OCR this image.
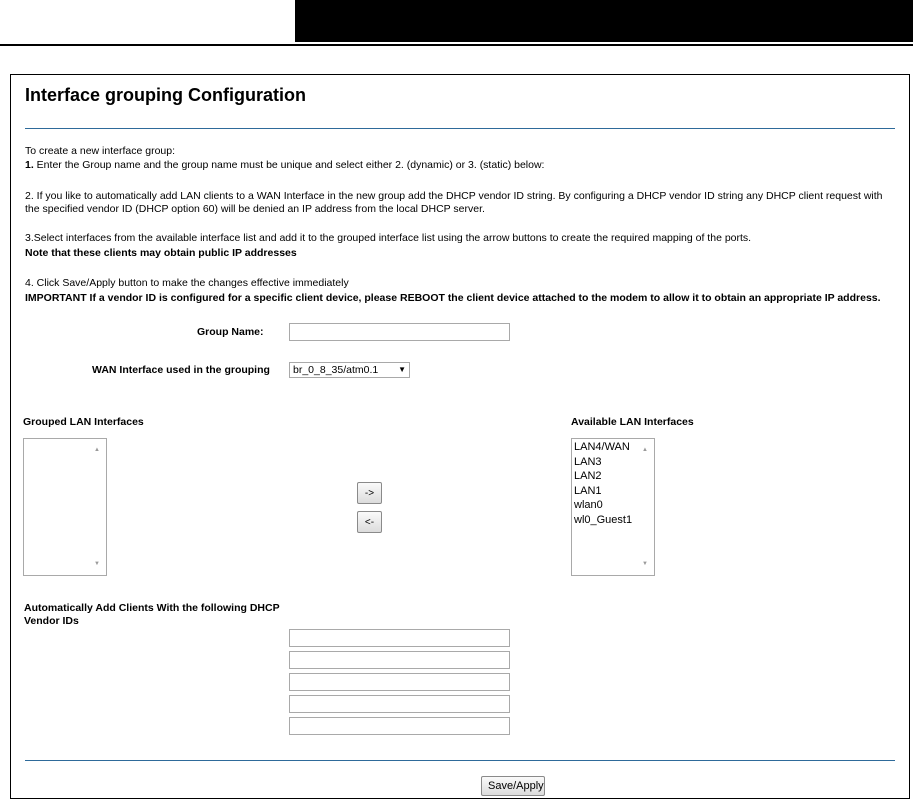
Interface grouping Configuration
To create a new interface group:
1. Enter the Group name and the group name must be unique and select either 2. (dynamic) or 3. (static) below:
2. If you like to automatically add LAN clients to a WAN Interface in the new group add the DHCP vendor ID string. By configuring a DHCP vendor ID string any DHCP client request with the specified vendor ID (DHCP option 60) will be denied an IP address from the local DHCP server.
3.Select interfaces from the available interface list and add it to the grouped interface list using the arrow buttons to create the required mapping of the ports.
Note that these clients may obtain public IP addresses
4. Click Save/Apply button to make the changes effective immediately
IMPORTANT If a vendor ID is configured for a specific client device, please REBOOT the client device attached to the modem to allow it to obtain an appropriate IP address.
Group Name:
WAN Interface used in the grouping	br_0_8_35/atm0.1 ▼
Grouped LAN Interfaces
▲
▼
->
<-
Available LAN Interfaces
LAN4/WAN
LAN3
LAN2
LAN1
wlan0
wl0_Guest1
▲
▼
Automatically Add Clients With the following DHCP Vendor IDs
Save/Apply
